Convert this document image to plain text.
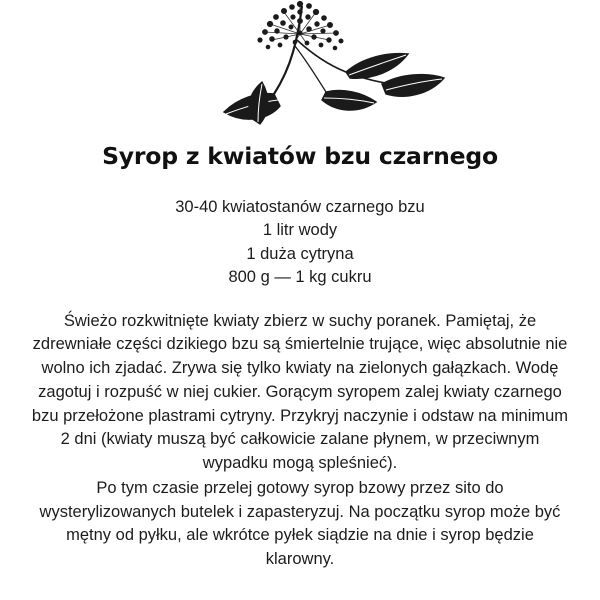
Syrop z kwiatów bzu czarnego
30-40 kwiatostanów czarnego bzu
1 litr wody
1 duża cytryna
800 g — 1 kg cukru

Świeżo rozkwitnięte kwiaty zbierz w suchy poranek. Pamiętaj, że zdrewniałe części dzikiego bzu są śmiertelnie trujące, więc absolutnie nie wolno ich zjadać. Zrywa się tylko kwiaty na zielonych gałązkach. Wodę zagotuj i rozpuść w niej cukier. Gorącym syropem zalej kwiaty czarnego bzu przełożone plastrami cytryny. Przykryj naczynie i odstaw na minimum 2 dni (kwiaty muszą być całkowicie zalane płynem, w przeciwnym wypadku mogą spleśnieć).

Po tym czasie przelej gotowy syrop bzowy przez sito do wysterylizowanych butelek i zapasteryzuj. Na początku syrop może być mętny od pyłku, ale wkrótce pyłek siądzie na dnie i syrop będzie klarowny.
